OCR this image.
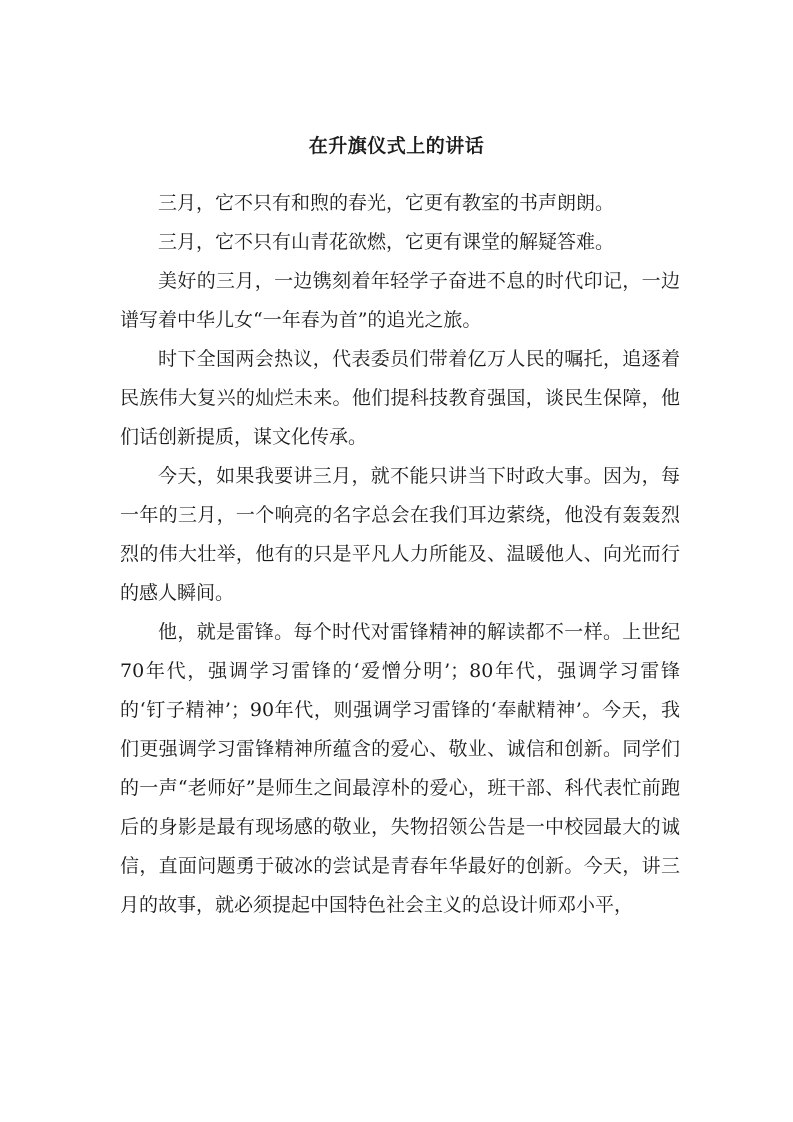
在升旗仪式上的讲话

三月，它不只有和煦的春光，它更有教室的书声朗朗。

三月，它不只有山青花欲燃，它更有课堂的解疑答难。

美好的三月，一边镌刻着年轻学子奋进不息的时代印记，一边谱写着中华儿女“一年春为首”的追光之旅。

时下全国两会热议，代表委员们带着亿万人民的嘱托，追逐着民族伟大复兴的灿烂未来。他们提科技教育强国，谈民生保障，他们话创新提质，谋文化传承。

今天，如果我要讲三月，就不能只讲当下时政大事。因为，每一年的三月，一个响亮的名字总会在我们耳边萦绕，他没有轰轰烈烈的伟大壮举，他有的只是平凡人力所能及、温暖他人、向光而行的感人瞬间。

他，就是雷锋。每个时代对雷锋精神的解读都不一样。上世纪70年代，强调学习雷锋的‘爱憎分明’；80年代，强调学习雷锋的‘钉子精神’；90年代，则强调学习雷锋的‘奉献精神’。今天，我们更强调学习雷锋精神所蕴含的爱心、敬业、诚信和创新。同学们的一声“老师好”是师生之间最淳朴的爱心，班干部、科代表忙前跑后的身影是最有现场感的敬业，失物招领公告是一中校园最大的诚信，直面问题勇于破冰的尝试是青春年华最好的创新。今天，讲三月的故事，就必须提起中国特色社会主义的总设计师邓小平，
